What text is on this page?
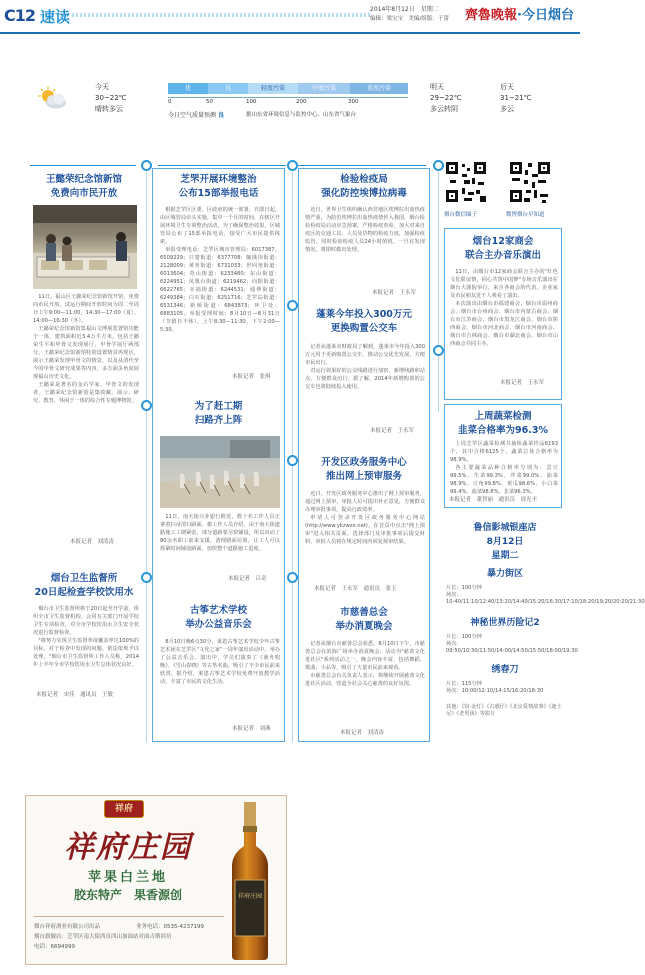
C12 速读	2014年8月12日　星期二
编辑：梁宝宝　美编/组版：于蕾 齊魯晚報·今日烟台
今天
30~22℃
晴转多云
优	良	轻度污染	中度污染	重度污染
0	50	100	200	300
今日空气质量预测 良	据山东省环境信息与监控中心、山东省气象台
明天
29~22℃
多云转阴
后天
31~21℃
多云
王懿荣纪念馆新馆
免费向市民开放

11日，福山区王懿荣纪念馆新馆开馆，免费向市民开放。试运行期间开放时间为周二至周日上午9:00—11:00，14:30—17:00（夏）。14:00—16:30（冬）。

王懿荣纪念馆新馆集福山文博展览置馆功能于一体，建筑面积近3.4万平方米。包括王懿荣生平和甲骨文发现展厅、甲骨学展厅两部分。王懿荣纪念馆新馆特别设置情景再现区，展示王懿荣发现甲骨文的情景，以及从清代至今的甲骨文研究成果等内容，多方面多角度展现福山历史文化。

王懿荣是著名的金石学家、甲骨文的发现者。王懿荣纪念馆新馆是集收藏、展示、研究、教育、休闲于一体的综合性专题博物馆。

本报记者　刘清涛
烟台卫生监督所
20日起检查学校饮用水

烟台市卫生监督所将于20日起至开学前，组织全市卫生监督机构，会同有关部门开展学校卫生专项检查，对全市学校饮用水卫生安全状况进行监督检查。

"将努力实现卫生监督率度覆盖率达100%的目标，对于检查中发现的问题，依法依规予以处理。"烟台市卫生监督所工作人员称，2014年上半年全市学校饮用水卫生总体状况良好。

本报记者　宋佳　通讯员　王敏
芝罘开展环境整治
公布15部举报电话

根据芝罘区区委、区政府的统一部署，自即日起，由区城管局牵头实施，集中一个月的时间，在辖区开展环境卫生专项整治活动。为了确保整治效果，区城管局公布了15部举报电话，接受广大市民提供线索。

举报受理电话：芝罘区城市管理局：6017387、6509229；只楚街道：6377708；毓璜顶街道：2128009；黄务街道：6731033；世回尧街道：6013604；奇山街道：6233480；东山街道：6224951；凤凰台街道：6219462；向阳街道：6622765；幸福街道：6244531；通伸街道：6249384；白石街道：6251716；芝罘岛街道：6531346；新桥街道：6843873；环卫处：6883105。举报受理时间：8月10日—8月31日（节假日不休），上午8:30—11:30，下午2:00—5:30。

本报记者　张琪
为了赶工期
扫路齐上阵

11日，南大街兴业银行附近，数十名工作人员正拿着扫帚清扫路面。据工作人员介绍，由于南大街道路施工工期紧张，部分道路要尽快铺设，所以出动了80余名职工前来支援，清理路面垃圾，让工人可以抓紧时间铺设路面，加快整个道路施工进度。

本报记者　吕奇
古筝艺术学校
举办公益音乐会

8月10日晚6点30分，莱恩古筝艺术学校少年古筝艺术团在芝罘区"文化之家"一周年演出活动中，举办了公益音乐会。演出中，学员们演奏了《渔舟唱晚》、《雪山春晓》等古筝名曲，吸引了不少市民前来欣赏。据介绍，莱恩古筝艺术学校免费开放教学活动，丰富了市民的文化生活。

本报记者　刘燕
检验检疫局
强化防控埃博拉病毒

近日，世界卫生组织确认西非地区埃博拉出血热疫情严重。为防范埃博拉出血热疫情传入我国，烟台检验检疫局启动应急预案，严格检疫查验，加大对来自疫区的交通工具、人员及货物的检疫力度，加强检疫监管，同时检验检疫人员24小时值班，一旦有发现情况，将即时做出处理。

本报记者　王永军
蓬莱今年投入300万元
更换购置公交车

记者从蓬莱市财政局了解到，蓬莱市今年投入300万元用于更新购置公交车，推动公交优先发展，方便市民出行。

对运行效果好的公交线路进行加密，新增线路和站点，方便群众出行。据了解，2014年新增购置的公交车也将陆续投入使用。

本报记者　王永军
开发区政务服务中心
推出网上预审服务

近日，开发区政务服务中心推出了网上预审服务，通过网上预审，审批人员可提出补正意见，方便群众办理审批事项，提高行政效率。

申请人可登录开发区政务服务中心网站(http://www.ykzwzx.net)，在首页中点击"网上预审"进入相关页面，选择部门及审批事项后提交材料，审批人员将在规定时间内回复预审结果。

本报记者　王永军　通讯员　张玉
市慈善总会
举办消夏晚会

记者从烟台市慈善总会获悉，8月10日下午，市慈善总会在滨海广场举办消夏晚会，活动为"慈善文化进社区"系列活动之一，晚会内容丰富，包括舞蹈、歌曲、小品等，吸引了大量市民前来观看。

市慈善总会有关负责人表示，将继续开展慈善文化进社区活动，营造全社会关心慈善的良好氛围。

本报记者　刘清涛
烟台微信圈子	微博烟台早知道
烟台12家商会
联合主办音乐演出

11日，由烟台市12家商会联合主办的"红色文化联谊情，同心共筑中国梦"专场音乐演出在烟台大剧院举行，来自各商会的代表、企业家及市民朋友近千人观看了演出。

本次演出由烟台市福建商会、烟台市温州商会、烟台市台州商会、烟台市内蒙古商会、烟台市江苏商会、烟台市黑龙江商会、烟台市陕西商会、烟台市河北商会、烟台市河南商会、烟台市吉林商会、烟台市湖北商会、烟台市山西商会共同主办。

本报记者　王永军
上周蔬菜检测
韭菜合格率为96.3%

上周芝罘区蔬菜检测共抽检蔬菜样品6193个，其中合格6125个，蔬菜总体合格率为98.9%。

各主要蔬菜品种合格率分别为：芸豆99.5%、生菜99.3%、芹菜99.0%、油菜98.9%、豆角99.8%、黄瓜98.6%、小白菜99.4%、菠菜98.8%、韭菜96.3%。

本报记者　董智丽　通讯员　周光丰
鲁信影城银座店
8月12日
星期二
暴力街区
片长：100分钟
场次：10:40/11:10/12:40/13:20/14:40/15:20/16:30/17:10/18:20/19:20/20:20/21:30
神秘世界历险记2
片长：100分钟
场次：09:50/10:30/11:50/14:00/14:50/15:50/18:00/19:30
绣春刀
片长：115分钟
场次：10:00/12:10/14:15/16:20/18:30
其他：《窃·金灯》《古惑仔》《北京爱情故事》《迪士尼》《老男孩》等影片
祥府
祥府庄园
苹果白兰地
胶东特产　果香源创
烟台祥府酒业有限公司出品	业务电话：0535-4237199
烟台旗舰店：芝罘区南大街西首西山加油站对面吉斯滨坊
电话：6694999
祥府庄园
